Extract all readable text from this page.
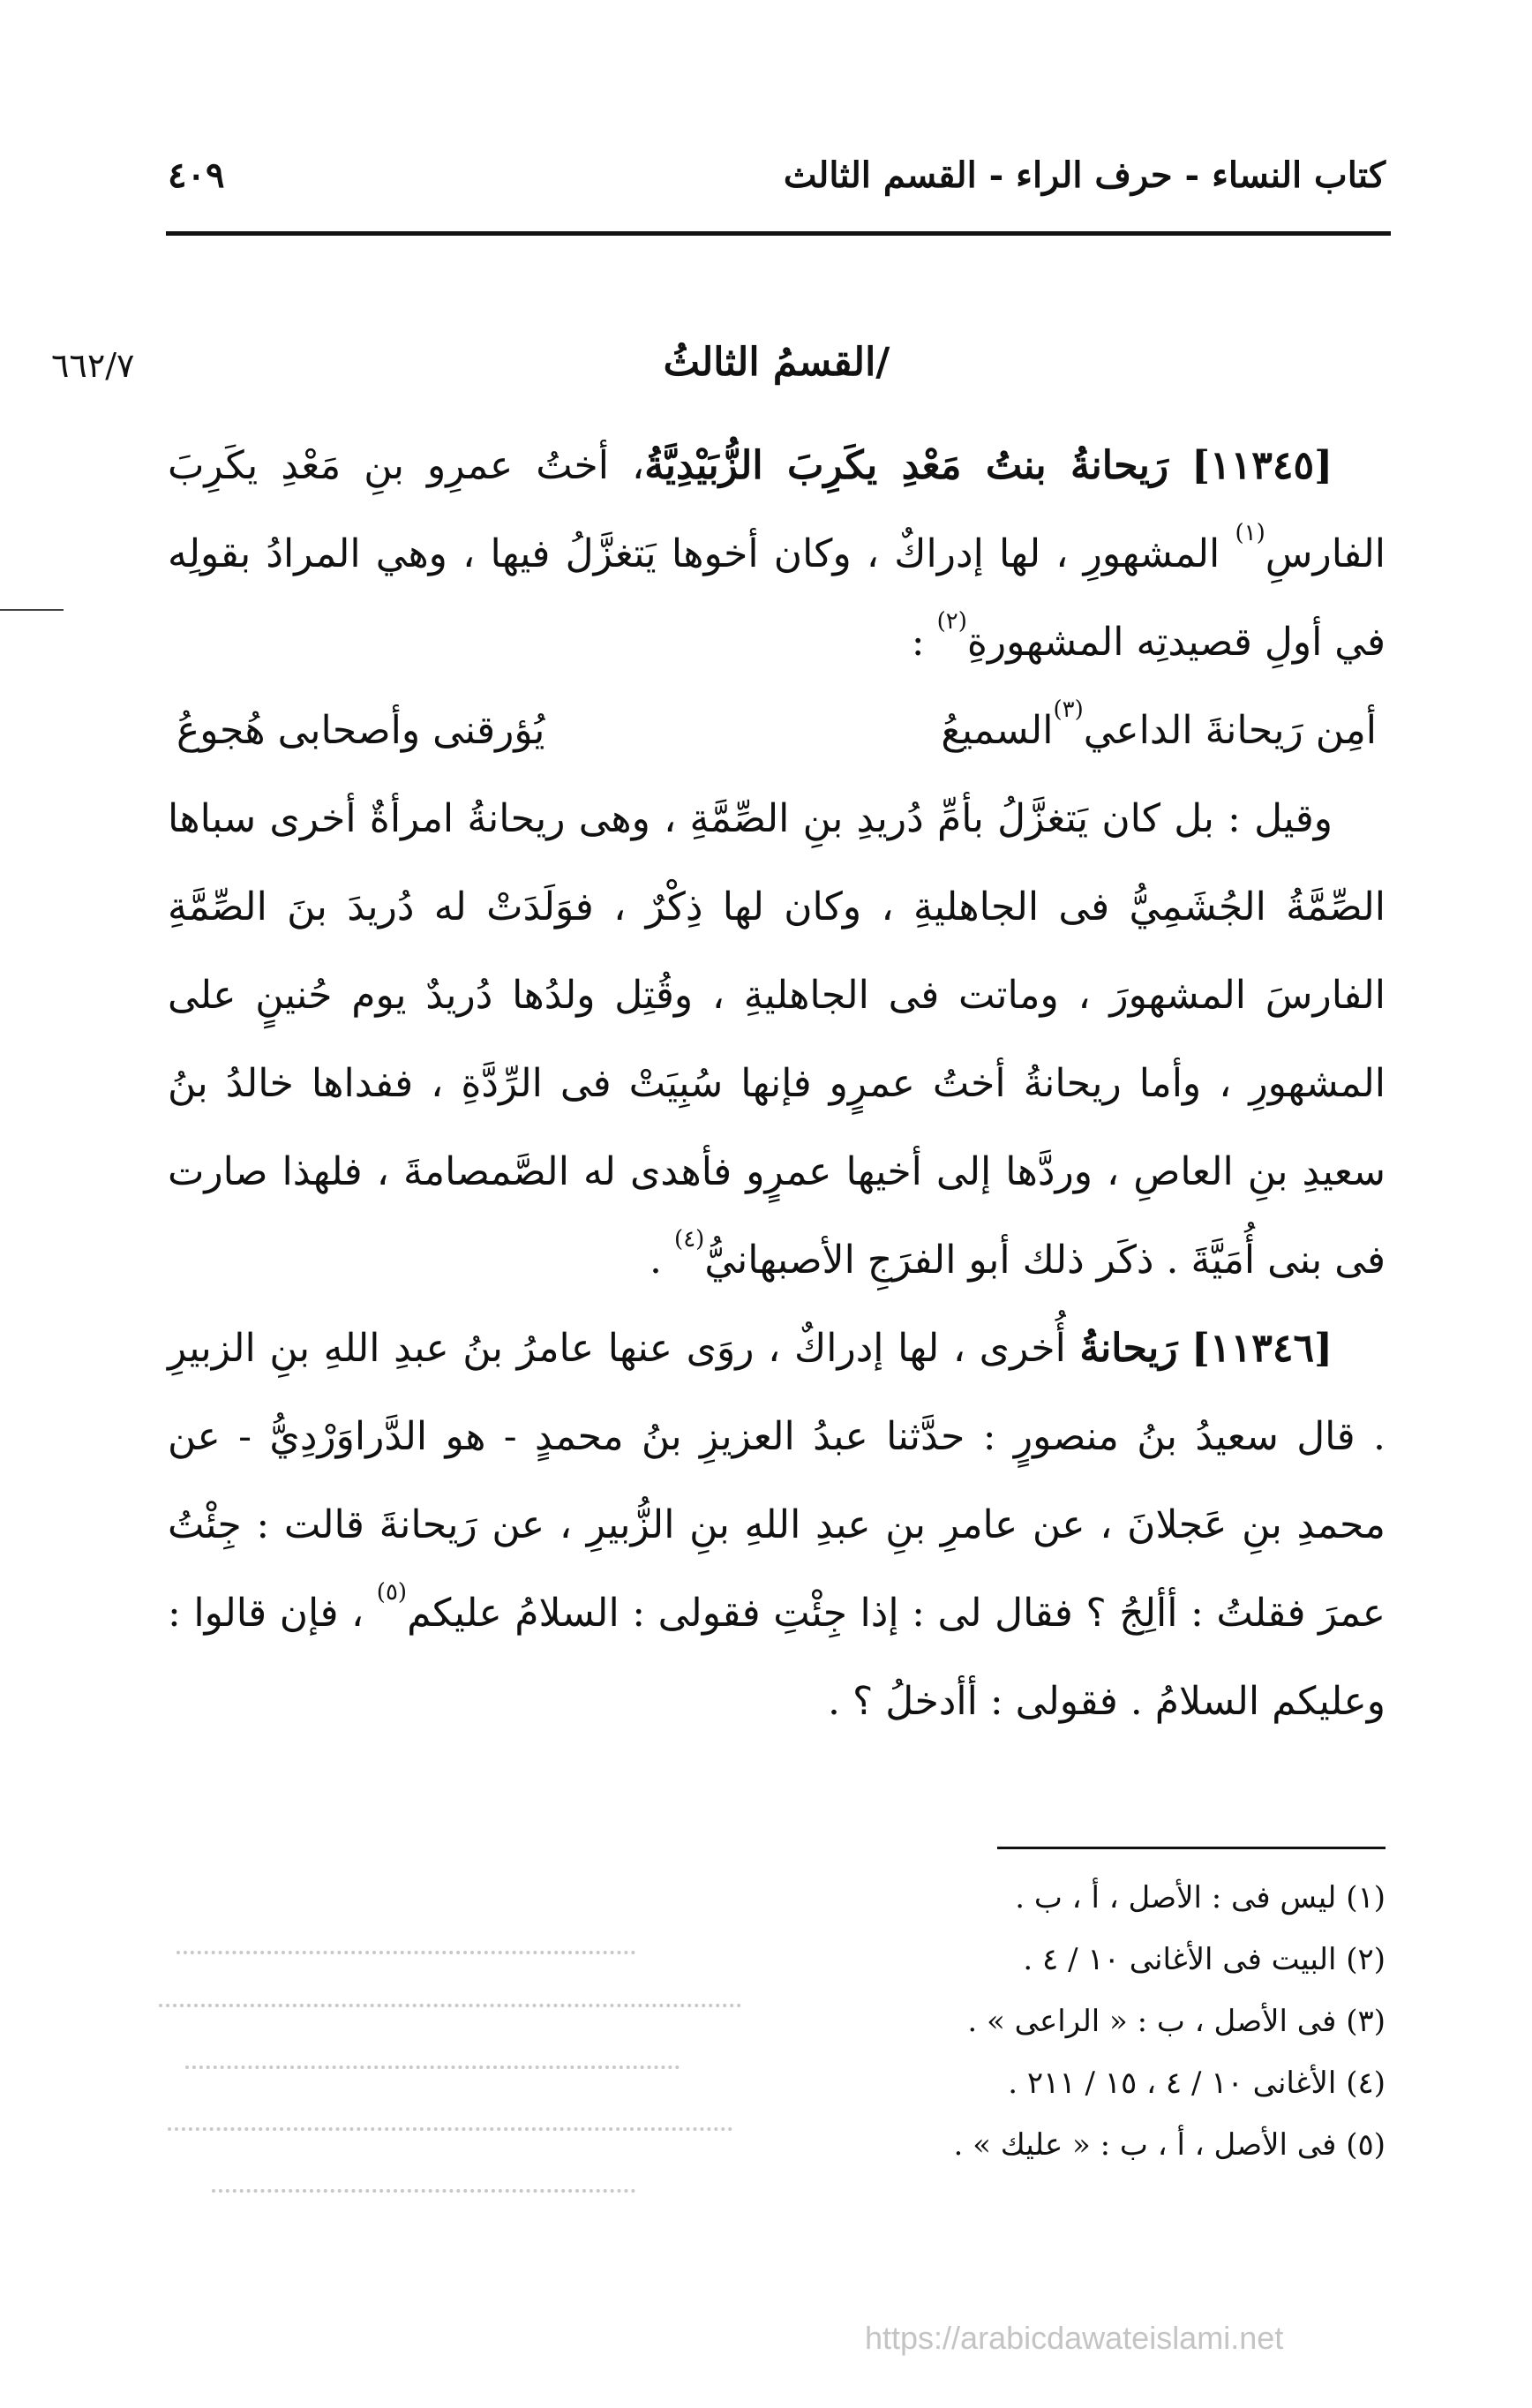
كتاب النساء - حرف الراء - القسم الثالث
٤٠٩
٦٦٢/٧	/القسمُ الثالثُ

[١١٣٤٥] رَيحانةُ بنتُ مَعْدِ يكَرِبَ الزُّبَيْدِيَّةُ، أختُ عمرِو بنِ مَعْدِ يكَرِبَ الفارسِ$^{(١)}$ المشهورِ ، لها إدراكٌ ، وكان أخوها يَتغزَّلُ فيها ، وهي المرادُ بقولِه في أولِ قصيدتِه المشهورةِ$^{(٢)}$ :

أمِن رَيحانةَ الداعي$^{(٣)}$السميعُ
يُؤرقنى وأصحابى هُجوعُ

وقيل : بل كان يَتغزَّلُ بأمِّ دُريدِ بنِ الصِّمَّةِ ، وهى ريحانةُ امرأةٌ أخرى سباها الصِّمَّةُ الجُشَمِيُّ فى الجاهليةِ ، وكان لها ذِكْرٌ ، فوَلَدَتْ له دُريدَ بنَ الصِّمَّةِ الفارسَ المشهورَ ، وماتت فى الجاهليةِ ، وقُتِل ولدُها دُريدٌ يوم حُنينٍ على المشهورِ ، وأما ريحانةُ أختُ عمرٍو فإنها سُبِيَتْ فى الرِّدَّةِ ، ففداها خالدُ بنُ سعيدِ بنِ العاصِ ، وردَّها إلى أخيها عمرٍو فأهدى له الصَّمصامةَ ، فلهذا صارت فى بنى أُمَيَّةَ . ذكَر ذلك أبو الفرَجِ الأصبهانيُّ$^{(٤)}$ .

[١١٣٤٦] رَيحانةُ أُخرى ، لها إدراكٌ ، روَى عنها عامرُ بنُ عبدِ اللهِ بنِ الزبيرِ . قال سعيدُ بنُ منصورٍ : حدَّثنا عبدُ العزيزِ بنُ محمدٍ - هو الدَّراوَرْدِيُّ - عن محمدِ بنِ عَجلانَ ، عن عامرِ بنِ عبدِ اللهِ بنِ الزُّبيرِ ، عن رَيحانةَ قالت : جِئْتُ عمرَ فقلتُ : أألِجُ ؟ فقال لى : إذا جِئْتِ فقولى : السلامُ عليكم$^{(٥)}$ ، فإن قالوا : وعليكم السلامُ . فقولى : أأدخلُ ؟ .

(١) ليس فى : الأصل ، أ ، ب .
(٢) البيت فى الأغانى ١٠ / ٤ .
(٣) فى الأصل ، ب : « الراعى » .
(٤) الأغانى ١٠ / ٤ ، ١٥ / ٢١١ .
(٥) فى الأصل ، أ ، ب : « عليك » .
https://arabicdawateislami.net
